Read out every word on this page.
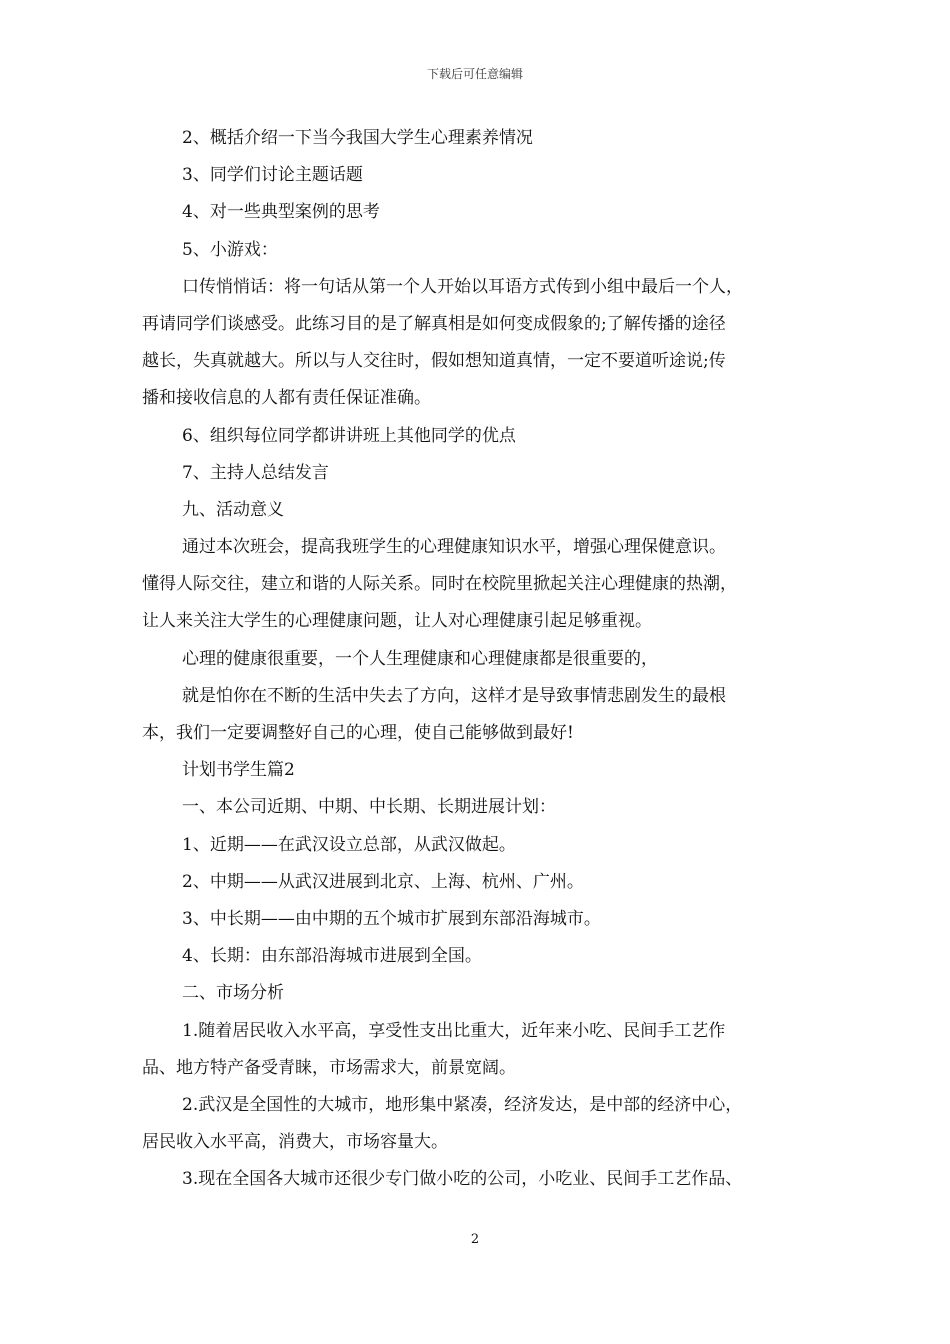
下载后可任意编辑
2、概括介绍一下当今我国大学生心理素养情况
3、同学们讨论主题话题
4、对一些典型案例的思考
5、小游戏：
口传悄悄话：将一句话从第一个人开始以耳语方式传到小组中最后一个人，
再请同学们谈感受。此练习目的是了解真相是如何变成假象的;了解传播的途径
越长，失真就越大。所以与人交往时，假如想知道真情，一定不要道听途说;传
播和接收信息的人都有责任保证准确。
6、组织每位同学都讲讲班上其他同学的优点
7、主持人总结发言
九、活动意义
通过本次班会，提高我班学生的心理健康知识水平，增强心理保健意识。
懂得人际交往，建立和谐的人际关系。同时在校院里掀起关注心理健康的热潮，
让人来关注大学生的心理健康问题，让人对心理健康引起足够重视。
心理的健康很重要，一个人生理健康和心理健康都是很重要的，
就是怕你在不断的生活中失去了方向，这样才是导致事情悲剧发生的最根
本，我们一定要调整好自己的心理，使自己能够做到最好!
计划书学生篇2
一、本公司近期、中期、中长期、长期进展计划：
1、近期——在武汉设立总部，从武汉做起。
2、中期——从武汉进展到北京、上海、杭州、广州。
3、中长期——由中期的五个城市扩展到东部沿海城市。
4、长期：由东部沿海城市进展到全国。
二、市场分析
1.随着居民收入水平高，享受性支出比重大，近年来小吃、民间手工艺作
品、地方特产备受青睐，市场需求大，前景宽阔。
2.武汉是全国性的大城市，地形集中紧凑，经济发达，是中部的经济中心，
居民收入水平高，消费大，市场容量大。
3.现在全国各大城市还很少专门做小吃的公司，小吃业、民间手工艺作品、
2
